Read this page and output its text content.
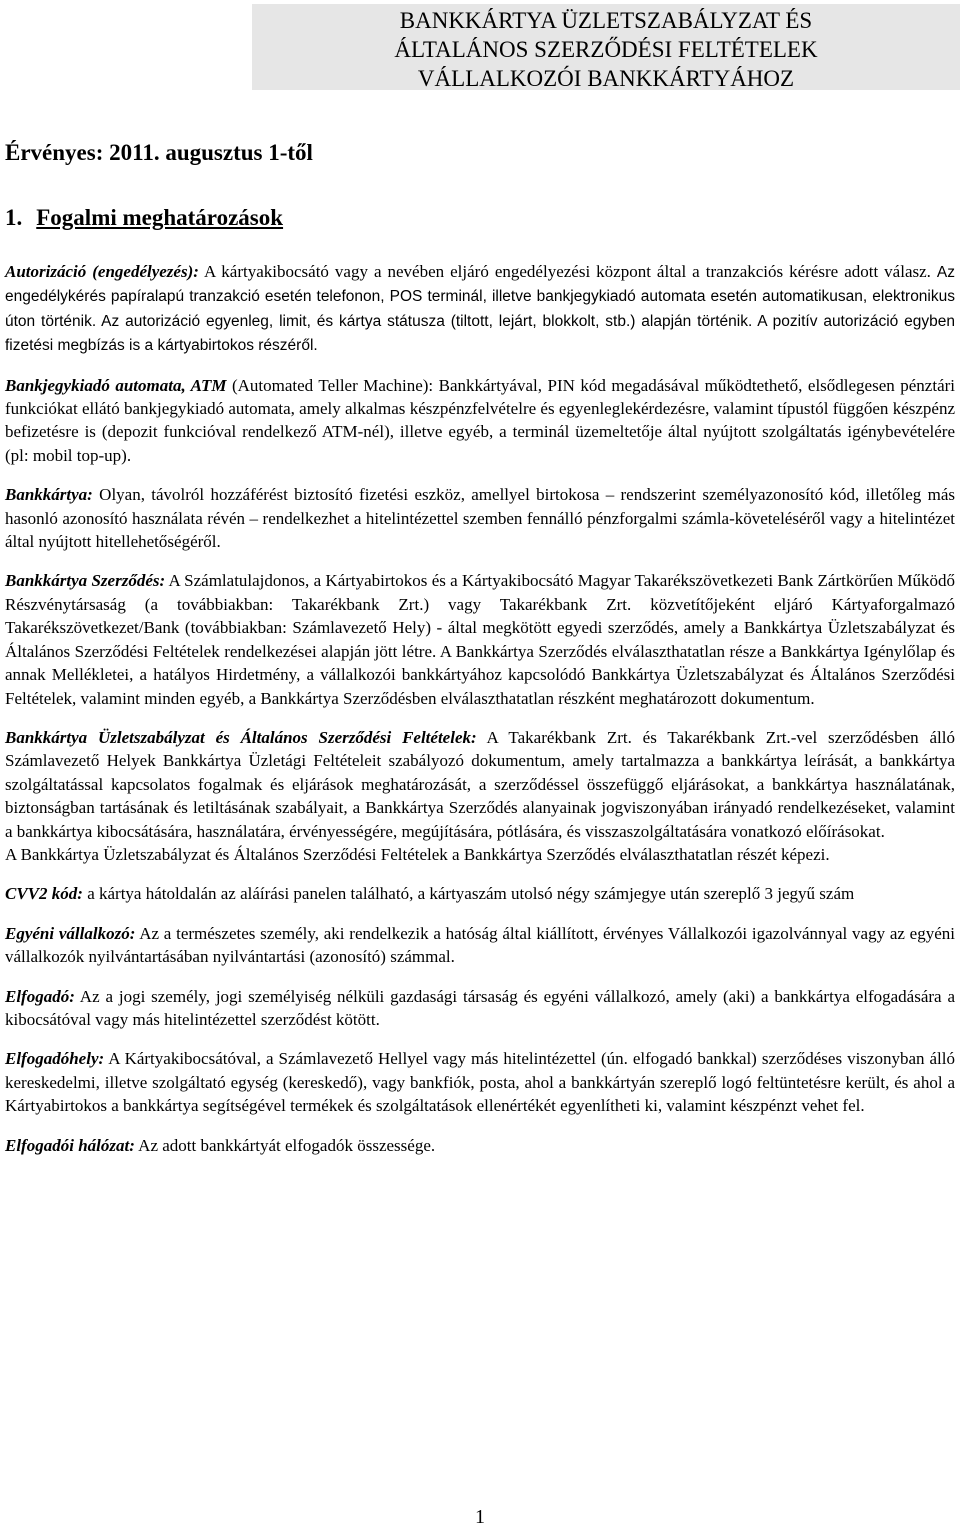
BANKKÁRTYA ÜZLETSZABÁLYZAT ÉS

ÁLTALÁNOS SZERZŐDÉSI FELTÉTELEK

VÁLLALKOZÓI BANKKÁRTYÁHOZ

Érvényes: 2011. augusztus 1-től

1. Fogalmi meghatározások

Autorizáció (engedélyezés): A kártyakibocsátó vagy a nevében eljáró engedélyezési központ által a tranzakciós kérésre adott válasz. Az engedélykérés papíralapú tranzakció esetén telefonon, POS terminál, illetve bankjegykiadó automata esetén automatikusan, elektronikus úton történik. Az autorizáció egyenleg, limit, és kártya státusza (tiltott, lejárt, blokkolt, stb.) alapján történik. A pozitív autorizáció egyben fizetési megbízás is a kártyabirtokos részéről.

Bankjegykiadó automata, ATM (Automated Teller Machine): Bankkártyával, PIN kód megadásával működtethető, elsődlegesen pénztári funkciókat ellátó bankjegykiadó automata, amely alkalmas készpénzfelvételre és egyenleglekérdezésre, valamint típustól függően készpénz befizetésre is (depozit funkcióval rendelkező ATM-nél), illetve egyéb, a terminál üzemeltetője által nyújtott szolgáltatás igénybevételére (pl: mobil top-up).

Bankkártya: Olyan, távolról hozzáférést biztosító fizetési eszköz, amellyel birtokosa – rendszerint személyazonosító kód, illetőleg más hasonló azonosító használata révén – rendelkezhet a hitelintézettel szemben fennálló pénzforgalmi számla-követeléséről vagy a hitelintézet által nyújtott hitellehetőségéről.

Bankkártya Szerződés: A Számlatulajdonos, a Kártyabirtokos és a Kártyakibocsátó Magyar Takarékszövetkezeti Bank Zártkörűen Működő Részvénytársaság (a továbbiakban: Takarékbank Zrt.) vagy Takarékbank Zrt. közvetítőjeként eljáró Kártyaforgalmazó Takarékszövetkezet/Bank (továbbiakban: Számlavezető Hely) - által megkötött egyedi szerződés, amely a Bankkártya Üzletszabályzat és Általános Szerződési Feltételek rendelkezései alapján jött létre. A Bankkártya Szerződés elválaszthatatlan része a Bankkártya Igénylőlap és annak Mellékletei, a hatályos Hirdetmény, a vállalkozói bankkártyához kapcsolódó Bankkártya Üzletszabályzat és Általános Szerződési Feltételek, valamint minden egyéb, a Bankkártya Szerződésben elválaszthatatlan részként meghatározott dokumentum.

Bankkártya Üzletszabályzat és Általános Szerződési Feltételek: A Takarékbank Zrt. és Takarékbank Zrt.-vel szerződésben álló Számlavezető Helyek Bankkártya Üzletági Feltételeit szabályozó dokumentum, amely tartalmazza a bankkártya leírását, a bankkártya szolgáltatással kapcsolatos fogalmak és eljárások meghatározását, a szerződéssel összefüggő eljárásokat, a bankkártya használatának, biztonságban tartásának és letiltásának szabályait, a Bankkártya Szerződés alanyainak jogviszonyában irányadó rendelkezéseket, valamint a bankkártya kibocsátására, használatára, érvényességére, megújítására, pótlására, és visszaszolgáltatására vonatkozó előírásokat.

A Bankkártya Üzletszabályzat és Általános Szerződési Feltételek a Bankkártya Szerződés elválaszthatatlan részét képezi.

CVV2 kód: a kártya hátoldalán az aláírási panelen található, a kártyaszám utolsó négy számjegye után szereplő 3 jegyű szám

Egyéni vállalkozó: Az a természetes személy, aki rendelkezik a hatóság által kiállított, érvényes Vállalkozói igazolvánnyal vagy az egyéni vállalkozók nyilvántartásában nyilvántartási (azonosító) számmal.

Elfogadó: Az a jogi személy, jogi személyiség nélküli gazdasági társaság és egyéni vállalkozó, amely (aki) a bankkártya elfogadására a kibocsátóval vagy más hitelintézettel szerződést kötött.

Elfogadóhely: A Kártyakibocsátóval, a Számlavezető Hellyel vagy más hitelintézettel (ún. elfogadó bankkal) szerződéses viszonyban álló kereskedelmi, illetve szolgáltató egység (kereskedő), vagy bankfiók, posta, ahol a bankkártyán szereplő logó feltüntetésre került, és ahol a Kártyabirtokos a bankkártya segítségével termékek és szolgáltatások ellenértékét egyenlítheti ki, valamint készpénzt vehet fel.

Elfogadói hálózat: Az adott bankkártyát elfogadók összessége.

1
